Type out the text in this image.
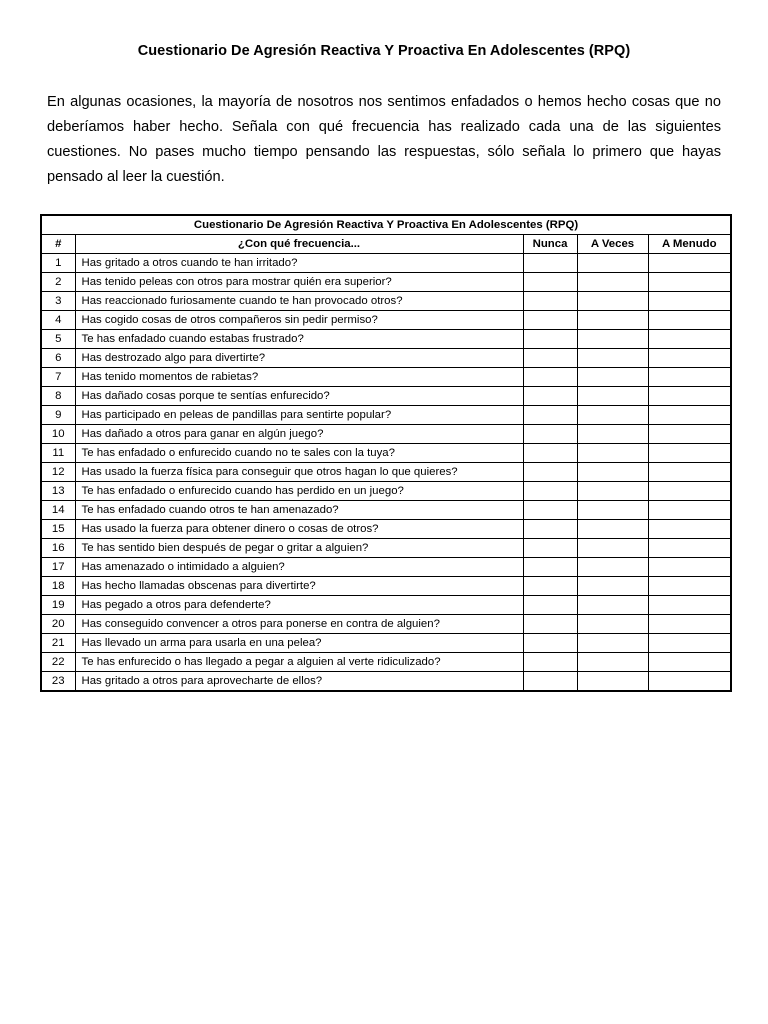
Cuestionario De Agresión Reactiva Y Proactiva En Adolescentes (RPQ)

En algunas ocasiones, la mayoría de nosotros nos sentimos enfadados o hemos hecho cosas que no deberíamos haber hecho. Señala con qué frecuencia has realizado cada una de las siguientes cuestiones. No pases mucho tiempo pensando las respuestas, sólo señala lo primero que hayas pensado al leer la cuestión.

Cuestionario De Agresión Reactiva Y Proactiva En Adolescentes (RPQ)				
#	¿Con qué frecuencia...	Nunca	A Veces	A Menudo
1	Has gritado a otros cuando te han irritado?			
2	Has tenido peleas con otros para mostrar quién era superior?			
3	Has reaccionado furiosamente cuando te han provocado otros?			
4	Has cogido cosas de otros compañeros sin pedir permiso?			
5	Te has enfadado cuando estabas frustrado?			
6	Has destrozado algo para divertirte?			
7	Has tenido momentos de rabietas?			
8	Has dañado cosas porque te sentías enfurecido?			
9	Has participado en peleas de pandillas para sentirte popular?			
10	Has dañado a otros para ganar en algún juego?			
11	Te has enfadado o enfurecido cuando no te sales con la tuya?			
12	Has usado la fuerza física para conseguir que otros hagan lo que quieres?			
13	Te has enfadado o enfurecido cuando has perdido en un juego?			
14	Te has enfadado cuando otros te han amenazado?			
15	Has usado la fuerza para obtener dinero o cosas de otros?			
16	Te has sentido bien después de pegar o gritar a alguien?			
17	Has amenazado o intimidado a alguien?			
18	Has hecho llamadas obscenas para divertirte?			
19	Has pegado a otros para defenderte?			
20	Has conseguido convencer a otros para ponerse en contra de alguien?			
21	Has llevado un arma para usarla en una pelea?			
22	Te has enfurecido o has llegado a pegar a alguien al verte ridiculizado?			
23	Has gritado a otros para aprovecharte de ellos?			
